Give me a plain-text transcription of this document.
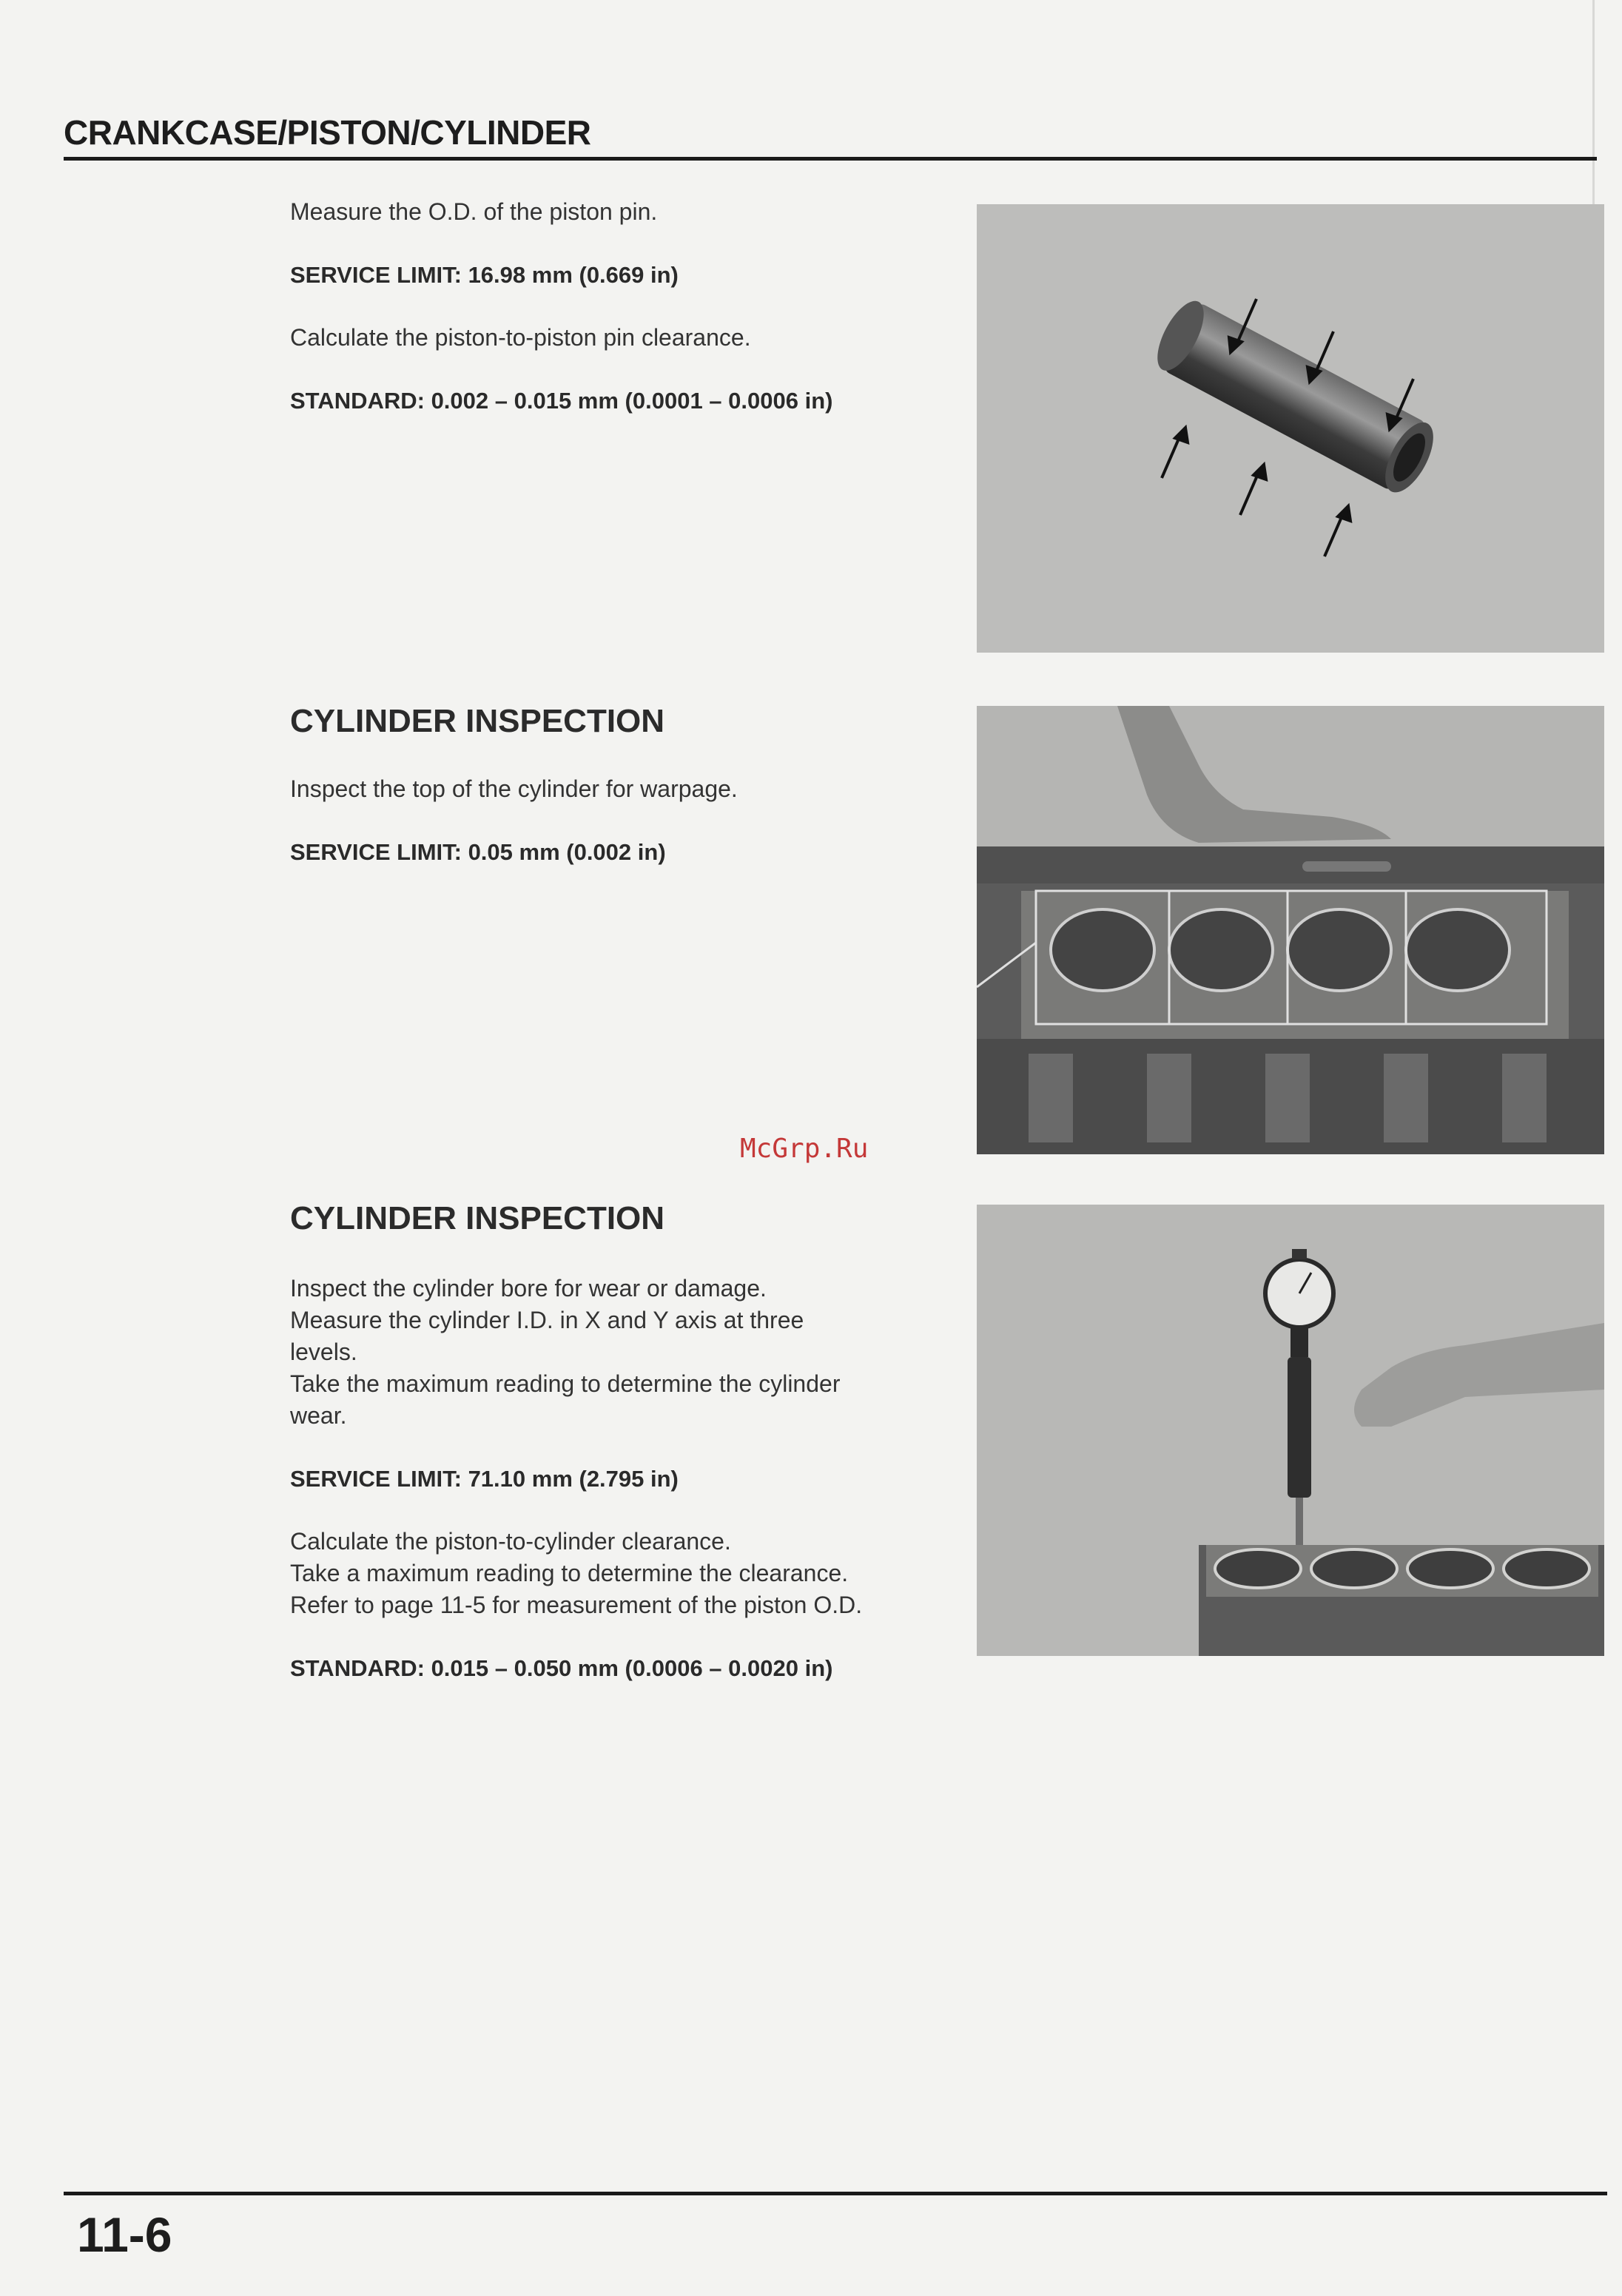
CRANKCASE/PISTON/CYLINDER

Measure the O.D. of the piston pin.

SERVICE LIMIT: 16.98 mm (0.669 in)

Calculate the piston-to-piston pin clearance.

STANDARD: 0.002 – 0.015 mm (0.0001 – 0.0006 in)

CYLINDER INSPECTION

Inspect the top of the cylinder for warpage.

SERVICE LIMIT: 0.05 mm (0.002 in)

McGrp.Ru
CYLINDER INSPECTION

Inspect the cylinder bore for wear or damage.

Measure the cylinder I.D. in X and Y axis at three

levels.

Take the maximum reading to determine the cylinder

wear.

SERVICE LIMIT: 71.10 mm (2.795 in)

Calculate the piston-to-cylinder clearance.

Take a maximum reading to determine the clearance.

Refer to page 11-5 for measurement of the piston O.D.

STANDARD: 0.015 – 0.050 mm (0.0006 – 0.0020 in)

11-6
